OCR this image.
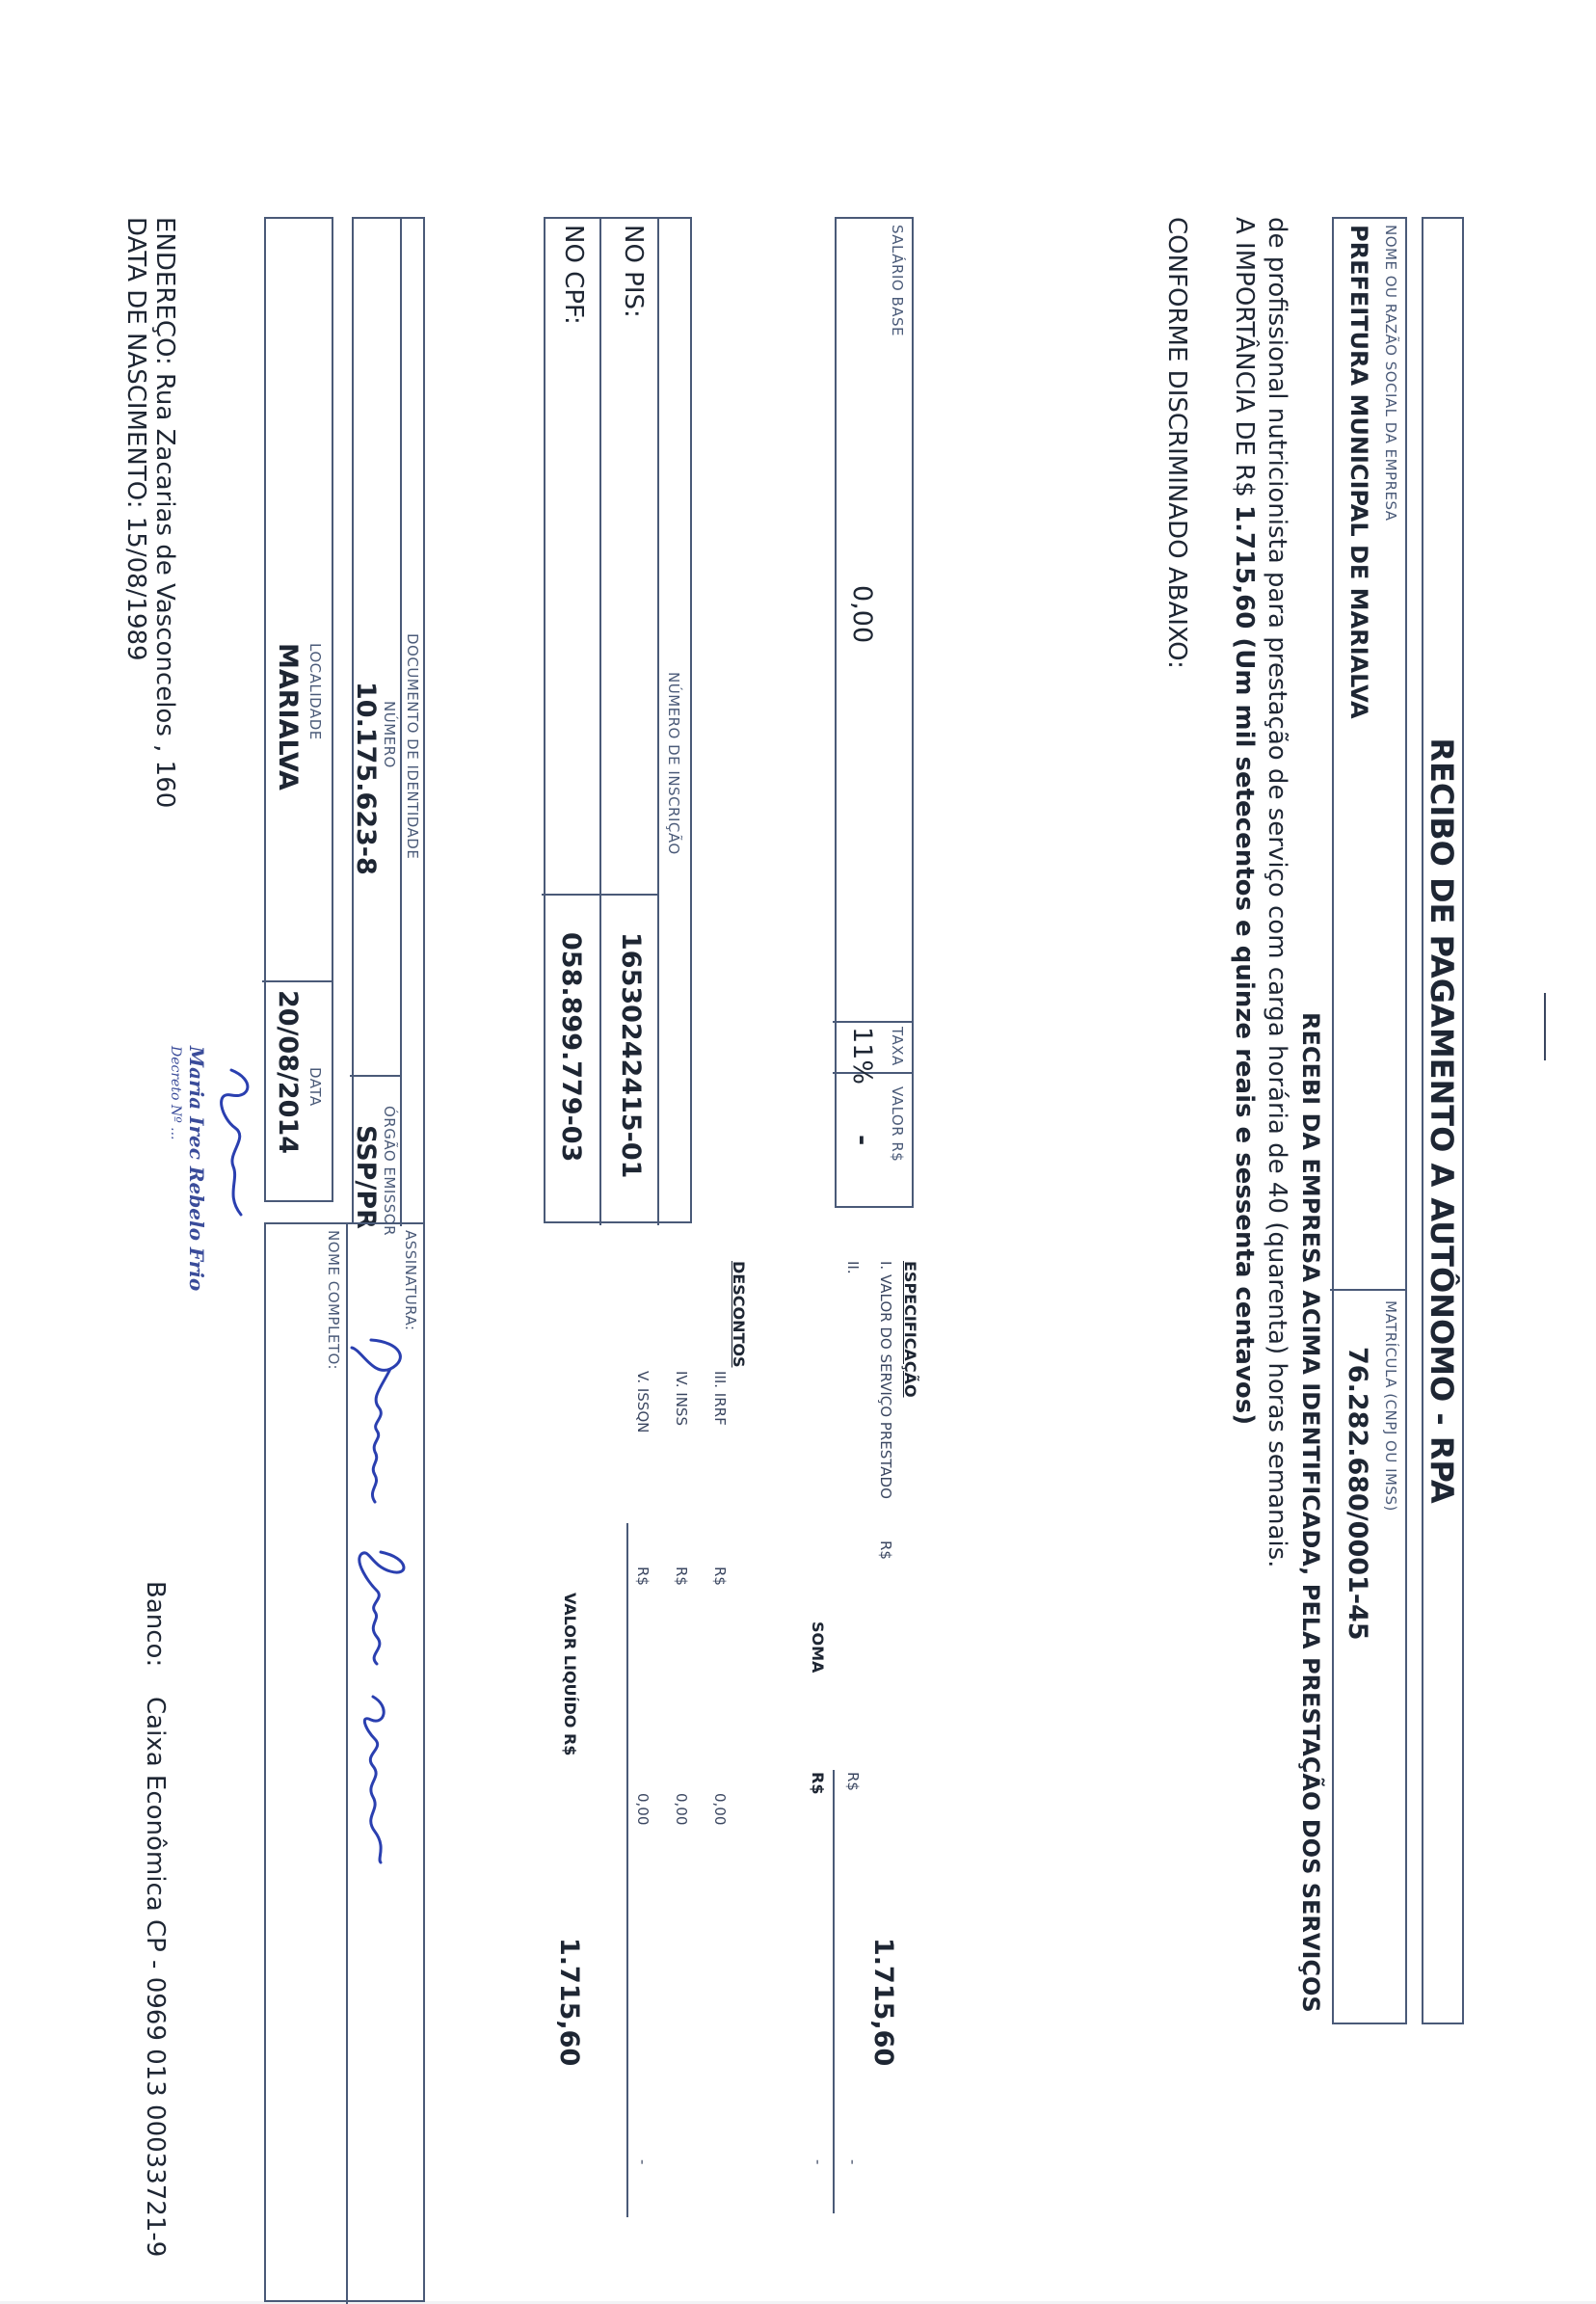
RECIBO DE PAGAMENTO A AUTÔNOMO - RPA
NOME OU RAZÃO SOCIAL DA EMPRESA
PREFEITURA MUNICIPAL DE MARIALVA
MATRÍCULA (CNPJ OU IMSS)
76.282.680/0001-45
RECEBI DA EMPRESA ACIMA IDENTIFICADA, PELA PRESTAÇÃO DOS SERVIÇOS
de profissional nutricionista para prestação de serviço com carga horária de 40 (quarenta) horas semanais.
A IMPORTÂNCIA DE R$ 1.715,60 (Um mil setecentos e quinze reais e sessenta centavos)
CONFORME DISCRIMINADO ABAIXO:
SALÁRIO BASE
0,00
TAXA
11%
VALOR R$
-
NÚMERO DE INSCRIÇÃO
NO PIS:
16530242415-01
NO CPF:
058.899.779-03
DOCUMENTO DE IDENTIDADE
NÚMERO
10.175.623-8
ÓRGÃO EMISSOR
SSP/PR
LOCALIDADE
MARIALVA
DATA
20/08/2014
ASSINATURA:
NOME COMPLETO:
Maria Irec Rebelo Frio
Decreto Nº ...
ENDEREÇO: Rua Zacarias de Vasconcelos , 160
DATA DE NASCIMENTO: 15/08/1989
Banco:
Caixa Econômica CP - 0969 013 00033721-9
ESPECIFICAÇÃO
I. VALOR DO SERVIÇO PRESTADO
R$
1.715,60
II.
R$
-
SOMA
R$
-
DESCONTOS
III. IRRF
R$
0,00
IV. INSS
R$
0,00
V. ISSQN
R$
0,00
-
VALOR LIQUÍDO R$
1.715,60
